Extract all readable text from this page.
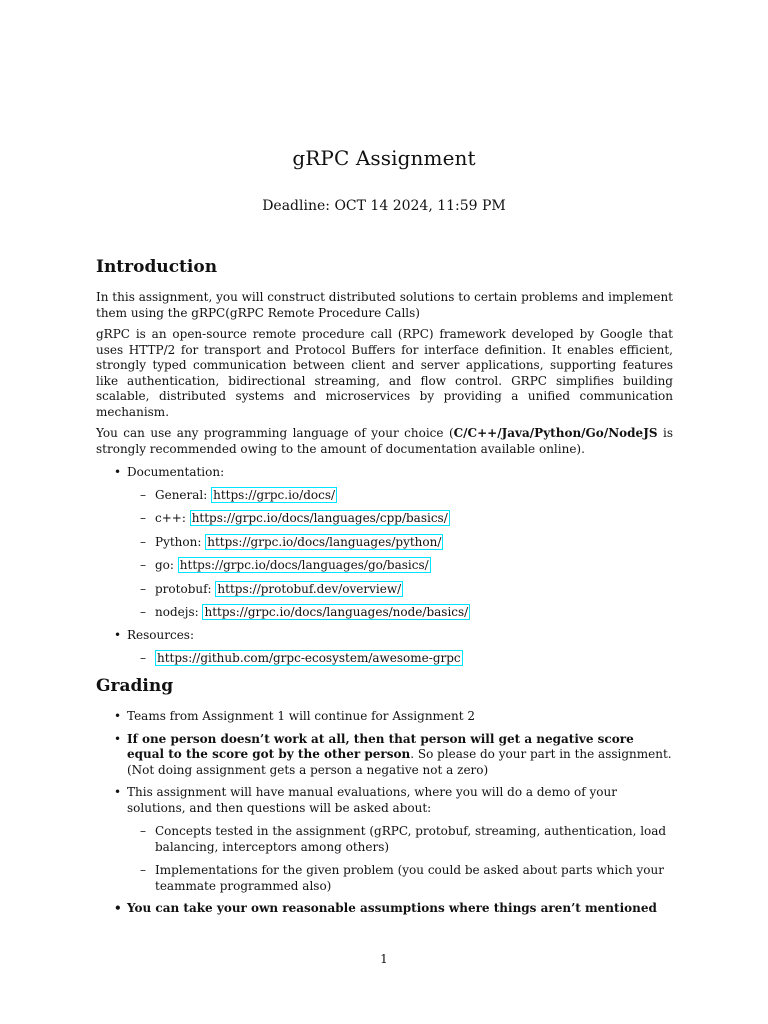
gRPC Assignment
Deadline: OCT 14 2024, 11:59 PM
Introduction

In this assignment, you will construct distributed solutions to certain problems and implement them using the gRPC(gRPC Remote Procedure Calls)

gRPC is an open-source remote procedure call (RPC) framework developed by Google that uses HTTP/2 for transport and Protocol Buffers for interface definition. It enables efficient, strongly typed communication between client and server applications, supporting features like authentication, bidirectional streaming, and flow control. GRPC simplifies building scalable, distributed systems and microservices by providing a unified communication mechanism.

You can use any programming language of your choice (C/C++/Java/Python/Go/NodeJS is strongly recommended owing to the amount of documentation available online).

• Documentation:
– General: https://grpc.io/docs/
– c++: https://grpc.io/docs/languages/cpp/basics/
– Python: https://grpc.io/docs/languages/python/
– go: https://grpc.io/docs/languages/go/basics/
– protobuf: https://protobuf.dev/overview/
– nodejs: https://grpc.io/docs/languages/node/basics/
• Resources:
– https://github.com/grpc-ecosystem/awesome-grpc
Grading
• Teams from Assignment 1 will continue for Assignment 2
• If one person doesn’t work at all, then that person will get a negative score equal to the score got by the other person. So please do your part in the assignment. (Not doing assignment gets a person a negative not a zero)
• This assignment will have manual evaluations, where you will do a demo of your solutions, and then questions will be asked about:
– Concepts tested in the assignment (gRPC, protobuf, streaming, authentication, load balancing, interceptors among others)
– Implementations for the given problem (you could be asked about parts which your teammate programmed also)
• You can take your own reasonable assumptions where things aren’t mentioned
1
